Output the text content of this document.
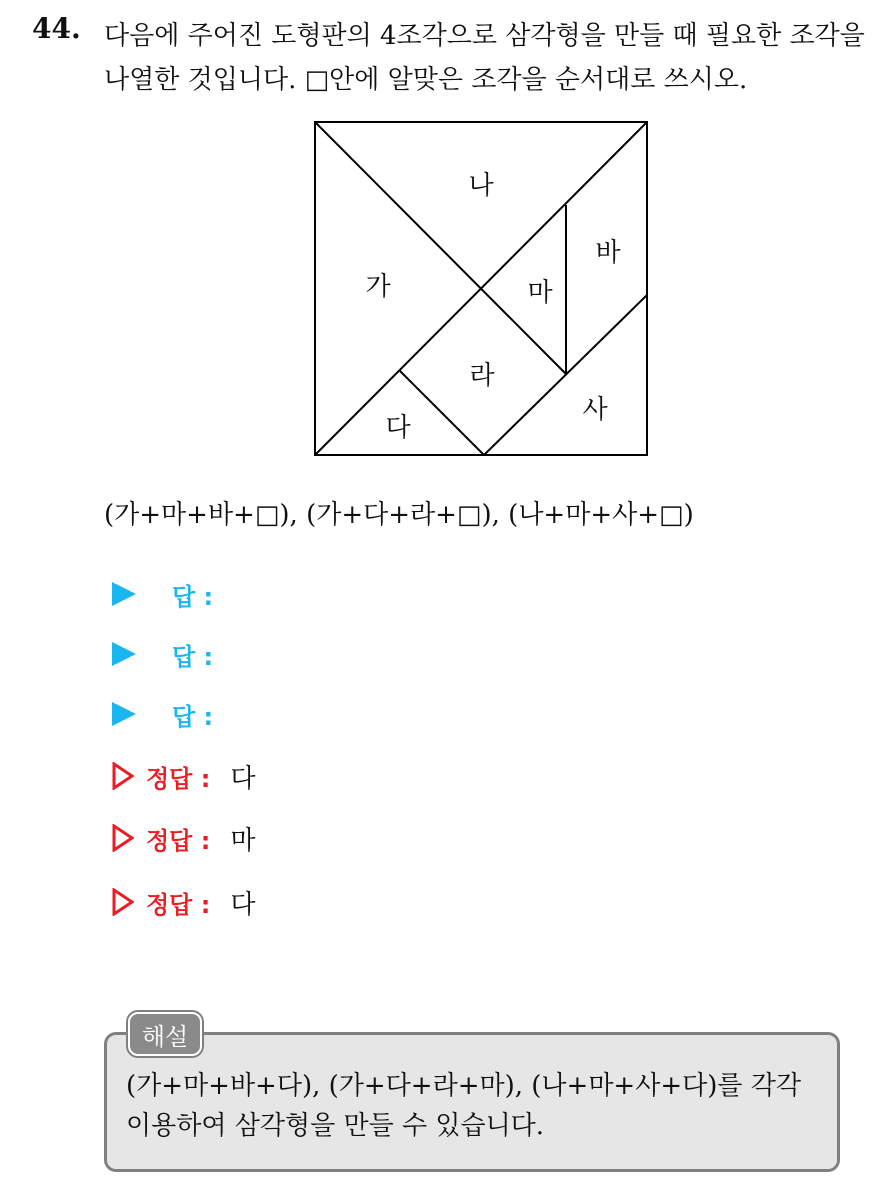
44. 다음에 주어진 도형판의 4조각으로 삼각형을 만들 때 필요한 조각을
나열한 것입니다. □안에 알맞은 조각을 순서대로 쓰시오.
나
가	마
바
라
사
다
(가+마+바+□), (가+다+라+□), (나+마+사+□)
답 :
답 :
답 :
정답 : 다
정답 : 마
정답 : 다
해설
(가+마+바+다), (가+다+라+마), (나+마+사+다)를 각각
이용하여 삼각형을 만들 수 있습니다.
